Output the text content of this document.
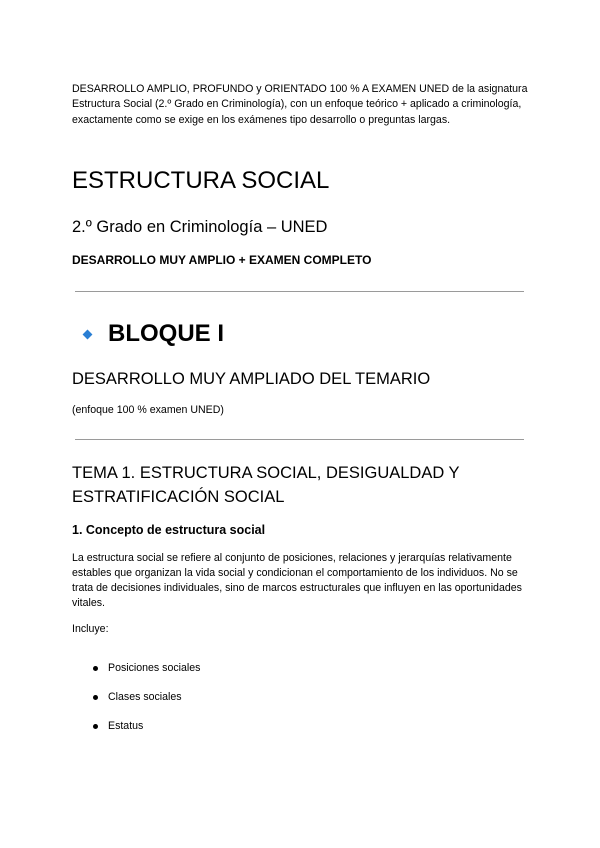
DESARROLLO AMPLIO, PROFUNDO y ORIENTADO 100 % A EXAMEN UNED de la asignatura Estructura Social (2.º Grado en Criminología), con un enfoque teórico + aplicado a criminología, exactamente como se exige en los exámenes tipo desarrollo o preguntas largas.

ESTRUCTURA SOCIAL
2.º Grado en Criminología – UNED

DESARROLLO MUY AMPLIO + EXAMEN COMPLETO

BLOQUE I
DESARROLLO MUY AMPLIADO DEL TEMARIO

(enfoque 100 % examen UNED)

TEMA 1. ESTRUCTURA SOCIAL, DESIGUALDAD Y ESTRATIFICACIÓN SOCIAL
1. Concepto de estructura social

La estructura social se refiere al conjunto de posiciones, relaciones y jerarquías relativamente estables que organizan la vida social y condicionan el comportamiento de los individuos. No se trata de decisiones individuales, sino de marcos estructurales que influyen en las oportunidades vitales.

Incluye:

Posiciones sociales
Clases sociales
Estatus
